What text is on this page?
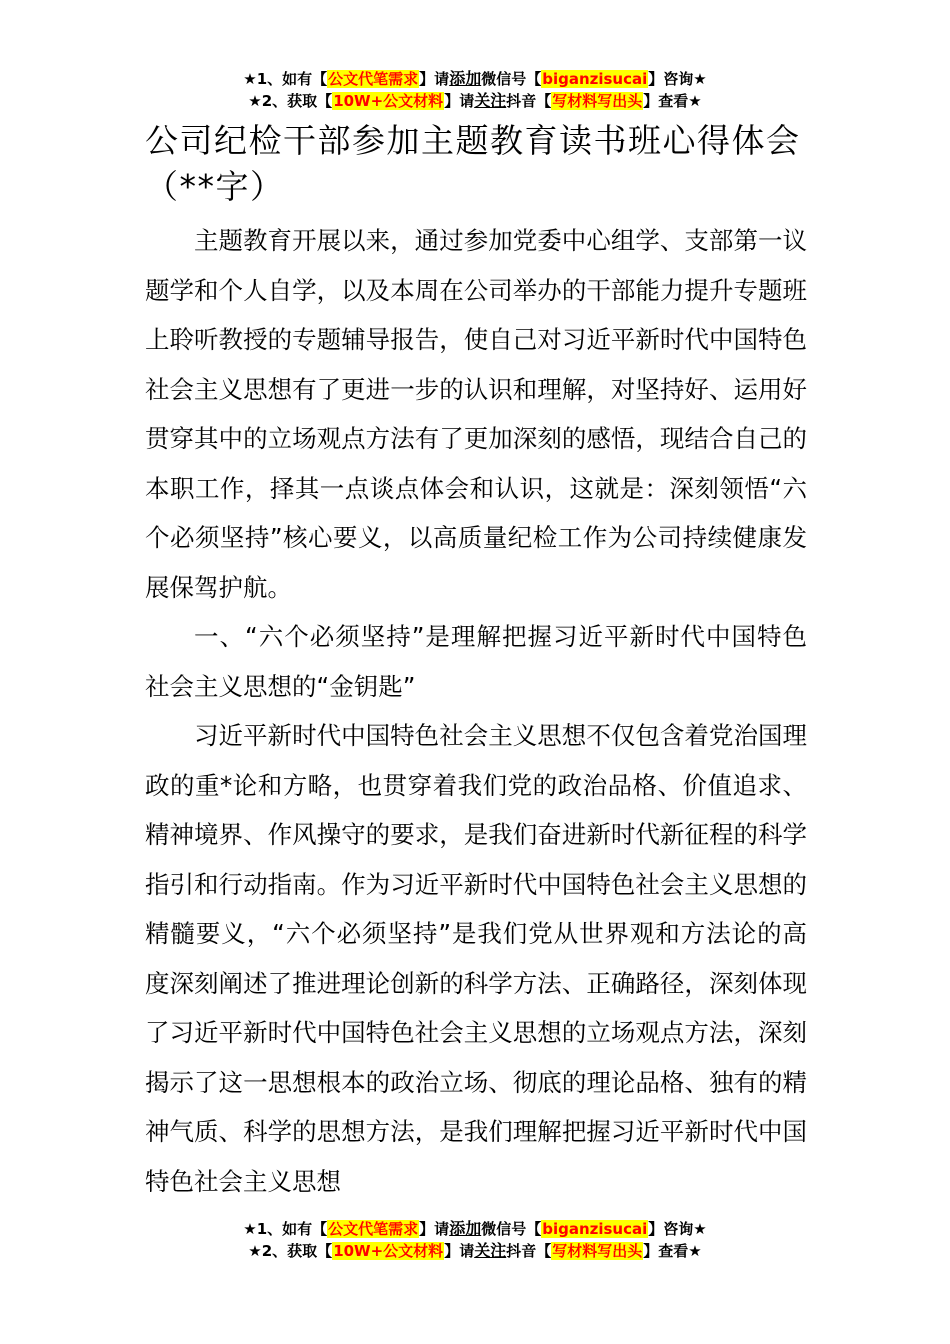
★1、如有【公文代笔需求】请添加微信号【biganzisucai】咨询★
★2、获取【10W+公文材料】请关注抖音【写材料写出头】查看★
公司纪检干部参加主题教育读书班心得体会（**字）

主题教育开展以来，通过参加党委中心组学、支部第一议题学和个人自学，以及本周在公司举办的干部能力提升专题班上聆听教授的专题辅导报告，使自己对习近平新时代中国特色社会主义思想有了更进一步的认识和理解，对坚持好、运用好贯穿其中的立场观点方法有了更加深刻的感悟，现结合自己的本职工作，择其一点谈点体会和认识，这就是：深刻领悟“六个必须坚持”核心要义，以高质量纪检工作为公司持续健康发展保驾护航。

一、“六个必须坚持”是理解把握习近平新时代中国特色社会主义思想的“金钥匙”

习近平新时代中国特色社会主义思想不仅包含着党治国理政的重*论和方略，也贯穿着我们党的政治品格、价值追求、精神境界、作风操守的要求，是我们奋进新时代新征程的科学指引和行动指南。作为习近平新时代中国特色社会主义思想的精髓要义，“六个必须坚持”是我们党从世界观和方法论的高度深刻阐述了推进理论创新的科学方法、正确路径，深刻体现了习近平新时代中国特色社会主义思想的立场观点方法，深刻揭示了这一思想根本的政治立场、彻底的理论品格、独有的精神气质、科学的思想方法，是我们理解把握习近平新时代中国特色社会主义思想

★1、如有【公文代笔需求】请添加微信号【biganzisucai】咨询★
★2、获取【10W+公文材料】请关注抖音【写材料写出头】查看★
